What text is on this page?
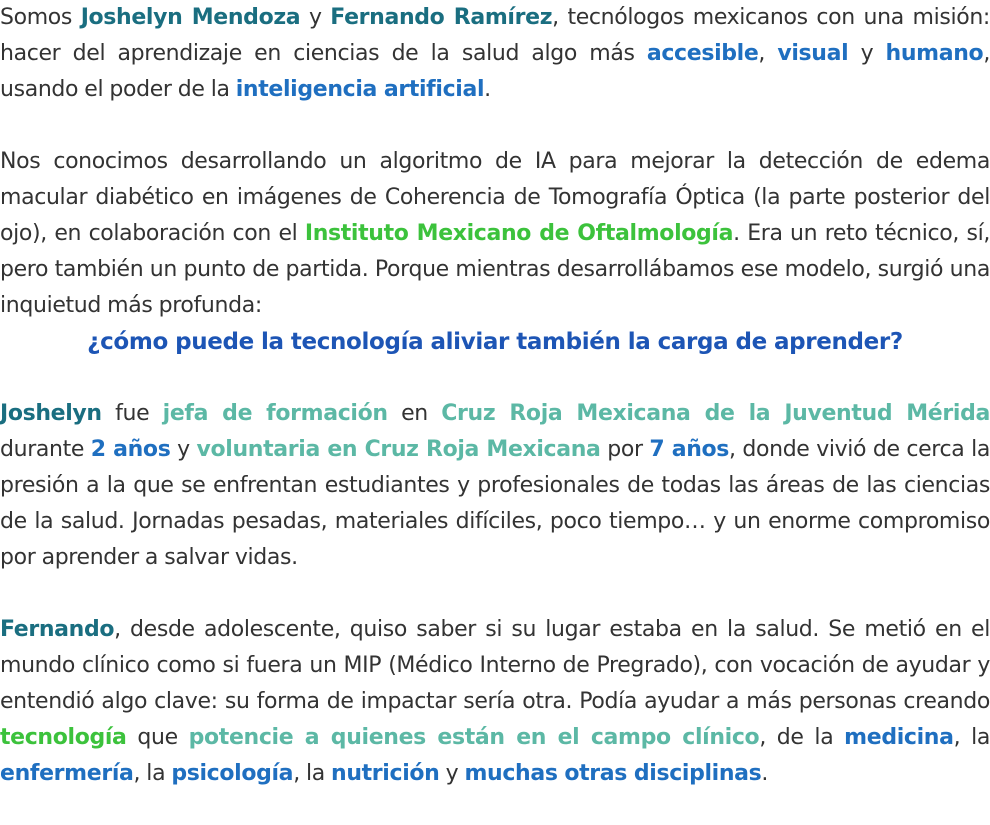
Somos Joshelyn Mendoza y Fernando Ramírez, tecnólogos mexicanos con una misión: hacer del aprendizaje en ciencias de la salud algo más accesible, visual y humano, usando el poder de la inteligencia artificial.

Nos conocimos desarrollando un algoritmo de IA para mejorar la detección de edema macular diabético en imágenes de Coherencia de Tomografía Óptica (la parte posterior del ojo), en colaboración con el Instituto Mexicano de Oftalmología. Era un reto técnico, sí, pero también un punto de partida. Porque mientras desarrollábamos ese modelo, surgió una inquietud más profunda:

¿cómo puede la tecnología aliviar también la carga de aprender?

Joshelyn fue jefa de formación en Cruz Roja Mexicana de la Juventud Mérida durante 2 años y voluntaria en Cruz Roja Mexicana por 7 años, donde vivió de cerca la presión a la que se enfrentan estudiantes y profesionales de todas las áreas de las ciencias de la salud. Jornadas pesadas, materiales difíciles, poco tiempo… y un enorme compromiso por aprender a salvar vidas.

Fernando, desde adolescente, quiso saber si su lugar estaba en la salud. Se metió en el mundo clínico como si fuera un MIP (Médico Interno de Pregrado), con vocación de ayudar y entendió algo clave: su forma de impactar sería otra. Podía ayudar a más personas creando tecnología que potencie a quienes están en el campo clínico, de la medicina, la enfermería, la psicología, la nutrición y muchas otras disciplinas.
